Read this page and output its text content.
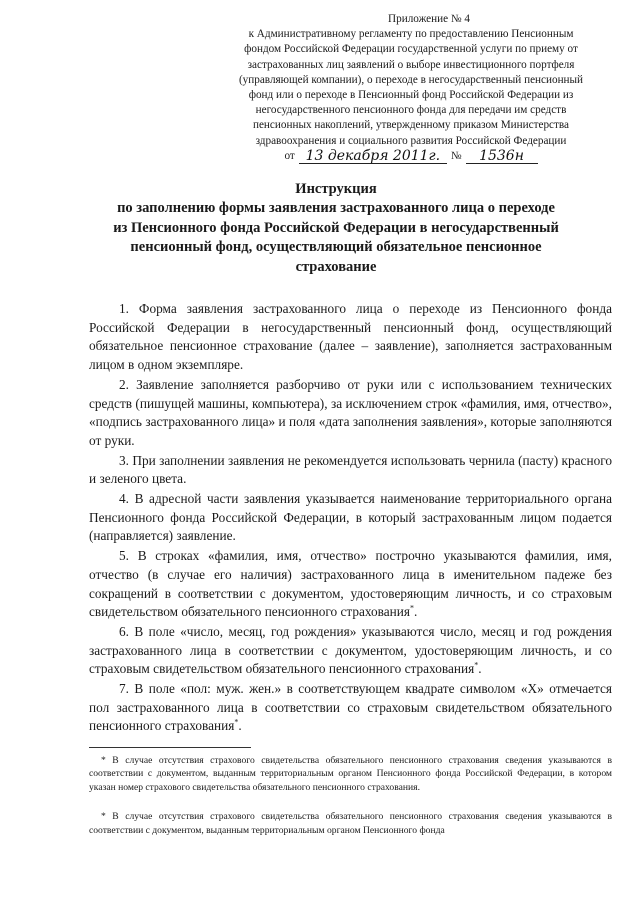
Приложение № 4
к Административному регламенту по предоставлению Пенсионным
фондом Российской Федерации государственной услуги по приему от
застрахованных лиц заявлений о выборе инвестиционного портфеля
(управляющей компании), о переходе в негосударственный пенсионный
фонд или о переходе в Пенсионный фонд Российской Федерации из
негосударственного пенсионного фонда для передачи им средств
пенсионных накоплений, утвержденному приказом Министерства
здравоохранения и социального развития Российской Федерации
от 13 декабря 2011г. №	1536н
Инструкция
по заполнению формы заявления застрахованного лица о переходе
из Пенсионного фонда Российской Федерации в негосударственный
пенсионный фонд, осуществляющий обязательное пенсионное
страхование

1. Форма заявления застрахованного лица о переходе из Пенсионного фонда Российской Федерации в негосударственный пенсионный фонд, осуществляющий обязательное пенсионное страхование (далее – заявление), заполняется застрахованным лицом в одном экземпляре.

2. Заявление заполняется разборчиво от руки или с использованием технических средств (пишущей машины, компьютера), за исключением строк «фамилия, имя, отчество», «подпись застрахованного лица» и поля «дата заполнения заявления», которые заполняются от руки.

3. При заполнении заявления не рекомендуется использовать чернила (пасту) красного и зеленого цвета.

4. В адресной части заявления указывается наименование территориального органа Пенсионного фонда Российской Федерации, в который застрахованным лицом подается (направляется) заявление.

5. В строках «фамилия, имя, отчество» построчно указываются фамилия, имя, отчество (в случае его наличия) застрахованного лица в именительном падеже без сокращений в соответствии с документом, удостоверяющим личность, и со страховым свидетельством обязательного пенсионного страхования*.

6. В поле «число, месяц, год рождения» указываются число, месяц и год рождения застрахованного лица в соответствии с документом, удостоверяющим личность, и со страховым свидетельством обязательного пенсионного страхования*.

7. В поле «пол: муж. жен.» в соответствующем квадрате символом «Х» отмечается пол застрахованного лица в соответствии со страховым свидетельством обязательного пенсионного страхования*.

* В случае отсутствия страхового свидетельства обязательного пенсионного страхования сведения указываются в соответствии с документом, выданным территориальным органом Пенсионного фонда Российской Федерации, в котором указан номер страхового свидетельства обязательного пенсионного страхования.

* В случае отсутствия страхового свидетельства обязательного пенсионного страхования сведения указываются в соответствии с документом, выданным территориальным органом Пенсионного фонда
